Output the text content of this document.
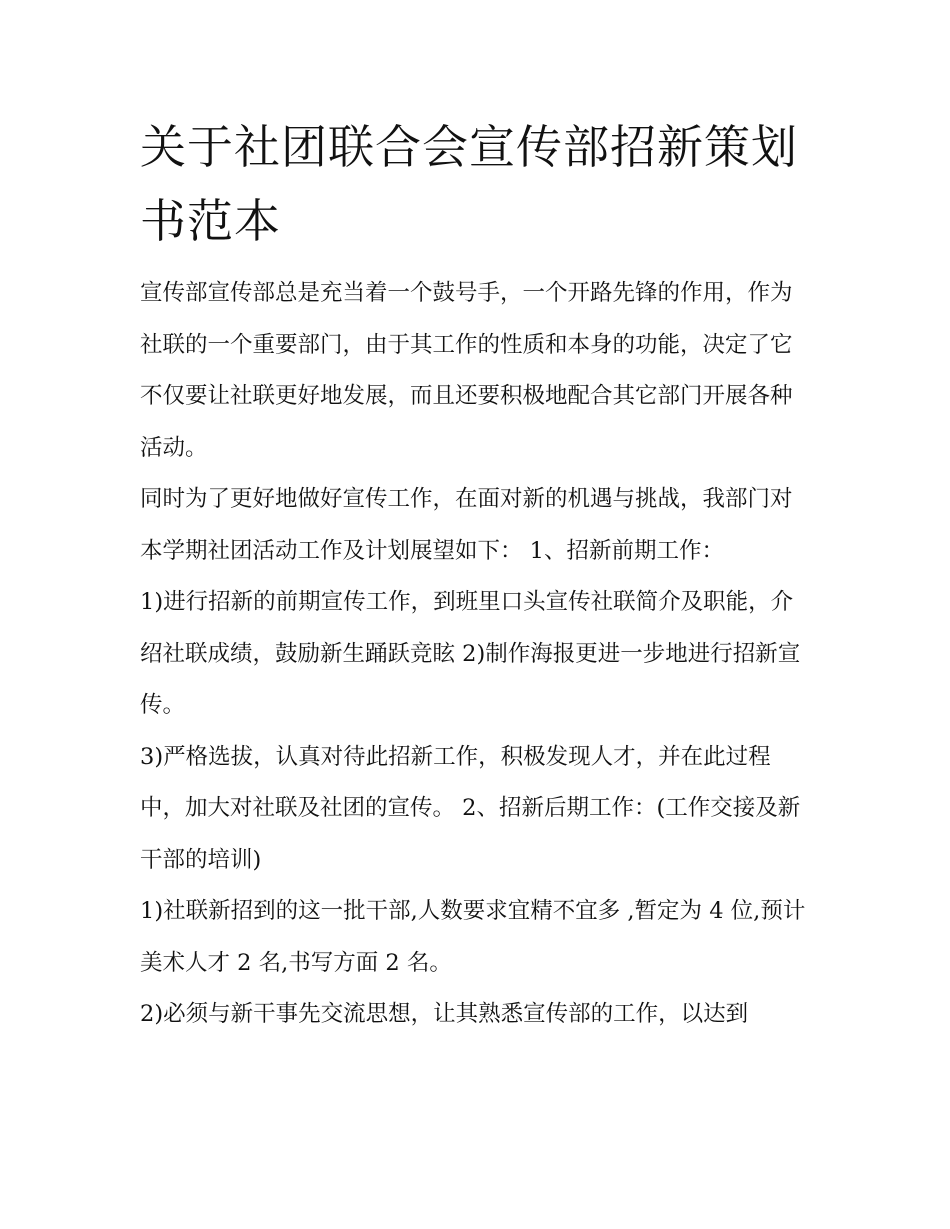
关于社团联合会宣传部招新策划书范本

宣传部宣传部总是充当着一个鼓号手，一个开路先锋的作用，作为社联的一个重要部门，由于其工作的性质和本身的功能，决定了它不仅要让社联更好地发展，而且还要积极地配合其它部门开展各种活动。

同时为了更好地做好宣传工作，在面对新的机遇与挑战，我部门对本学期社团活动工作及计划展望如下： 1、招新前期工作：

1)进行招新的前期宣传工作，到班里口头宣传社联简介及职能，介绍社联成绩，鼓励新生踊跃竞眩 2)制作海报更进一步地进行招新宣传。

3)严格选拔，认真对待此招新工作，积极发现人才，并在此过程中，加大对社联及社团的宣传。 2、招新后期工作：(工作交接及新干部的培训)

1)社联新招到的这一批干部,人数要求宜精不宜多 ,暂定为 4 位,预计美术人才 2 名,书写方面 2 名。

2)必须与新干事先交流思想，让其熟悉宣传部的工作，以达到
